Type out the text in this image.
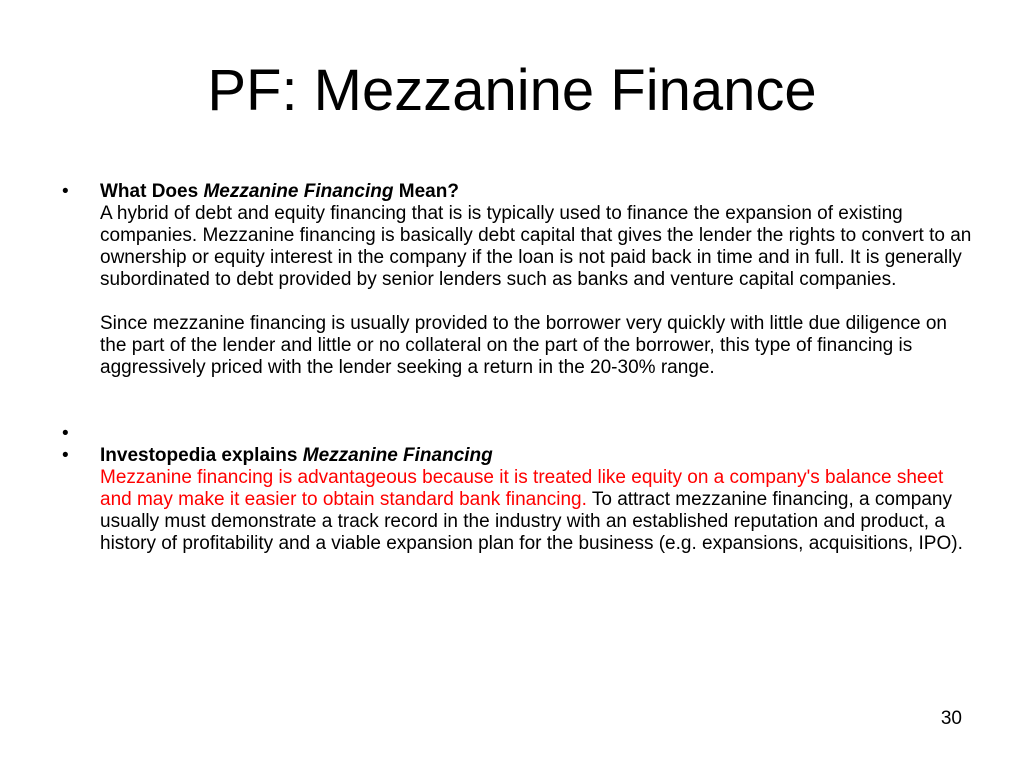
PF: Mezzanine Finance
•	What Does Mezzanine Financing Mean?
A hybrid of debt and equity financing that is is typically used to finance the expansion of existing companies. Mezzanine financing is basically debt capital that gives the lender the rights to convert to an ownership or equity interest in the company if the loan is not paid back in time and in full. It is generally subordinated to debt provided by senior lenders such as banks and venture capital companies.
Since mezzanine financing is usually provided to the borrower very quickly with little due diligence on the part of the lender and little or no collateral on the part of the borrower, this type of financing is aggressively priced with the lender seeking a return in the 20-30% range.
•
•	Investopedia explains Mezzanine Financing
Mezzanine financing is advantageous because it is treated like equity on a company's balance sheet and may make it easier to obtain standard bank financing. To attract mezzanine financing, a company usually must demonstrate a track record in the industry with an established reputation and product, a history of profitability and a viable expansion plan for the business (e.g. expansions, acquisitions, IPO).
30
